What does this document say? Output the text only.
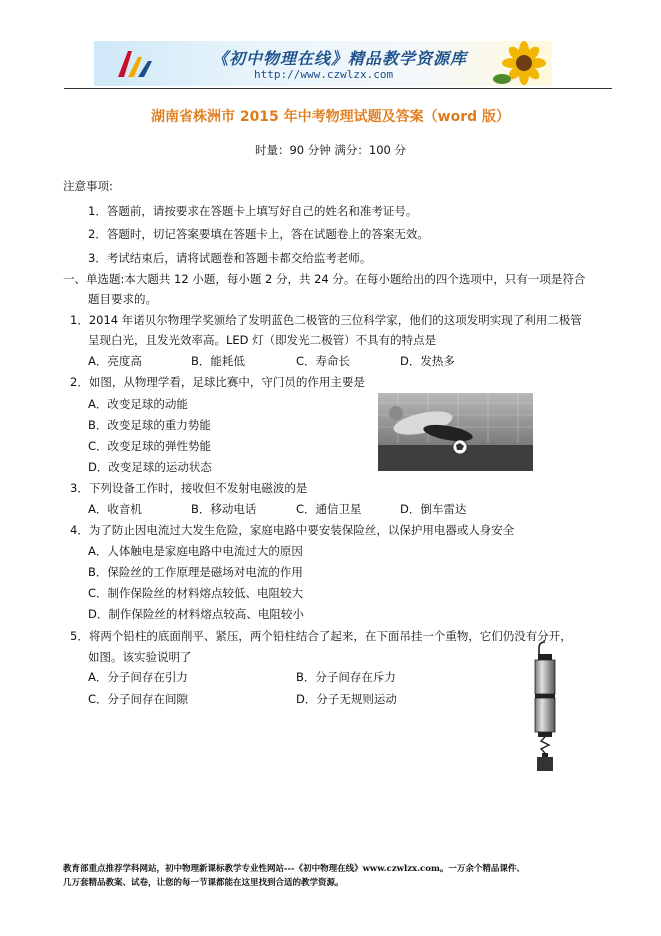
《初中物理在线》精品教学资源库
http://www.czwlzx.com
湖南省株洲市 2015 年中考物理试题及答案（word 版）
时量：90 分钟 满分：100 分
注意事项:
1．答题前，请按要求在答题卡上填写好自己的姓名和准考证号。
2．答题时，切记答案要填在答题卡上，答在试题卷上的答案无效。
3．考试结束后，请将试题卷和答题卡都交给监考老师。
一、单选题:本大题共 12 小题，每小题 2 分，共 24 分。在每小题给出的四个选项中，只有一项是符合
题目要求的。
1．2014 年诺贝尔物理学奖颁给了发明蓝色二极管的三位科学家，他们的这项发明实现了利用二极管
呈现白光，且发光效率高。LED 灯（即发光二极管）不具有的特点是
A．亮度高	B．能耗低	C．寿命长	D．发热多
2．如图，从物理学看，足球比赛中，守门员的作用主要是
A．改变足球的动能
B．改变足球的重力势能
C．改变足球的弹性势能
D．改变足球的运动状态
3．下列设备工作时，接收但不发射电磁波的是
A．收音机	B．移动电话	C．通信卫星	D．倒车雷达
4．为了防止因电流过大发生危险，家庭电路中要安装保险丝，以保护用电器或人身安全
A．人体触电是家庭电路中电流过大的原因
B．保险丝的工作原理是磁场对电流的作用
C．制作保险丝的材料熔点较低、电阻较大
D．制作保险丝的材料熔点较高、电阻较小
5．将两个铅柱的底面削平、紧压，两个铅柱结合了起来，在下面吊挂一个重物，它们仍没有分开，
如图。该实验说明了
A．分子间存在引力	B．分子间存在斥力
C．分子间存在间隙	D．分子无规则运动
教育部重点推荐学科网站，初中物理新课标教学专业性网站---《初中物理在线》www.czwlzx.com。一万余个精品课件、
几万套精品教案、试卷，让您的每一节课都能在这里找到合适的教学资源。
